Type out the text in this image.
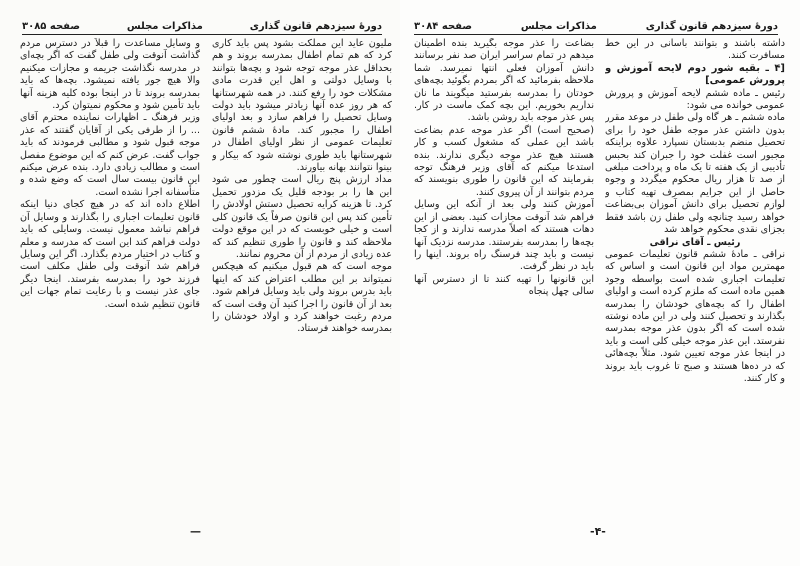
دورهٔ سیزدهم قانون گذاری
مذاکرات مجلس
صفحه ۳۰۸۵

ملیون عاید این مملکت بشود پس باید کاری کرد که هم تمام اطفال بمدرسه بروند و هم بحداقل عذر موجه توجه شود و بچه‌ها بتوانند با وسایل دولتی و اهل این قدرت مادی مشکلات خود را رفع کنند. در همه شهرستانها که هر روز عده آنها زیادتر میشود باید دولت وسایل تحصیل را فراهم سازد و بعد اولیای اطفال را مجبور کند. مادۀ ششم قانون تعلیمات عمومی از نظر اولیای اطفال در شهرستانها باید طوری نوشته شود که بیکار و بینوا نتوانند بهانه بیاورند.

مداد ارزش پنج ریال است چطور می شود این ها را بر بودجه قلیل یک مزدور تحمیل کرد. تا هزینه کرایه تحصیل دستش اولادش را تأمین کند پس این قانون صرفاً یک قانون کلی است و خیلی خوبست که در این موقع دولت ملاحظه کند و قانون را طوری تنظیم کند که عده زیادی از مردم از آن محروم نمانند.

موجه است که هم قبول میکنیم که هیچکس نمیتواند بر این مطلب اعتراض کند که اینها باید بدرس بروند ولی باید وسایل فراهم شود. بعد از آن قانون را اجرا کنید آن وقت است که مردم رغبت خواهند کرد و اولاد خودشان را بمدرسه خواهند فرستاد.

و وسایل مساعدت را قبلاً در دسترس مردم گذاشت آنوقت ولی طفل گفت که اگر بچه‌ای در مدرسه نگذاشت جریمه و مجازات میکنیم والا هیچ جور یافته نمیشود. بچه‌ها که باید بمدرسه بروند تا در اینجا بوده کلیه هزینه آنها باید تأمین شود و محکوم نمیتوان کرد.

وزیر فرهنگ ـ اظهارات نماینده محترم آقای ... را از طرفی یکی از آقایان گفتند که عذر موجه قبول شود و مطالبی فرمودند که باید جواب گفت. عرض کنم که این موضوع مفصل است و مطالب زیادی دارد. بنده عرض میکنم این قانون بیست سال است که وضع شده و متأسفانه اجرا نشده است.

اطلاع داده اند که در هیچ کجای دنیا اینکه قانون تعلیمات اجباری را بگذارند و وسایل آن فراهم نباشد معمول نیست. وسایلی که باید دولت فراهم کند این است که مدرسه و معلم و کتاب در اختیار مردم بگذارد. اگر این وسایل فراهم شد آنوقت ولی طفل مکلف است فرزند خود را بمدرسه بفرستد. اینجا دیگر جای عذر نیست و با رعایت تمام جهات این قانون تنظیم شده است.

—
دورهٔ سیزدهم قانون گذاری
مذاکرات مجلس
صفحه ۳۰۸۴

داشته باشند و بتوانند بآسانی در این خط مسافرت کنند.

[۴ ـ بقیه شور دوم لایحه آموزش و پرورش عمومی]

رئیس ـ ماده ششم لایحه آموزش و پرورش عمومی خوانده می شود:

ماده ششم ـ هر گاه ولی طفل در موعد مقرر بدون داشتن عذر موجه طفل خود را برای تحصیل منضم بدبستان نسپارد علاوه براینکه مجبور است غفلت خود را جبران کند بحبس تأدیبی از یک هفته تا یک ماه و پرداخت مبلغی از صد تا هزار ریال محکوم میگردد و وجوه حاصل از این جرایم بمصرف تهیه کتاب و لوازم تحصیل برای دانش آموزان بی‌بضاعت خواهد رسید چنانچه ولی طفل زن باشد فقط بجزای نقدی محکوم خواهد شد

رئیس ـ آقای نراقی

نراقی ـ مادهٔ ششم قانون تعلیمات عمومی مهمترین مواد این قانون است و اساس که تعلیمات اجباری شده است بواسطه وجود همین ماده است که ملزم کرده است و اولیای اطفال را که بچه‌های خودشان را بمدرسه بگذارند و تحصیل کنند ولی در این ماده نوشته شده است که اگر بدون عذر موجه بمدرسه نفرستد. این عذر موجه خیلی کلی است و باید در اینجا عذر موجه تعیین شود. مثلاً بچه‌هائی که در ده‌ها هستند و صبح تا غروب باید بروند و کار کنند.

بضاعت را عذر موجه بگیرید بنده اطمینان میدهم در تمام سراسر ایران صد نفر برسانند دانش آموزان فعلی انتها نمیرسد. شما ملاحظه بفرمائید که اگر بمردم بگوئید بچه‌های خودتان را بمدرسه بفرستید میگویند ما نان نداریم بخوریم. این بچه کمک ماست در کار. پس عذر موجه باید روشن باشد.

(صحیح است) اگر عذر موجه عدم بضاعت باشد این عملی که مشغول کسب و کار هستند هیچ عذر موجه دیگری ندارند. بنده استدعا میکنم که آقای وزیر فرهنگ توجه بفرمایند که این قانون را طوری بنویسند که مردم بتوانند از آن پیروی کنند.

آموزش کنند ولی بعد از آنکه این وسایل فراهم شد آنوقت مجازات کنید. بعضی از این دهات هستند که اصلاً مدرسه ندارند و از کجا بچه‌ها را بمدرسه بفرستند. مدرسه نزدیک آنها نیست و باید چند فرسنگ راه بروند. اینها را باید در نظر گرفت.

این قانونها را تهیه کنند تا از دسترس آنها سالی چهل پنجاه

-۴-
